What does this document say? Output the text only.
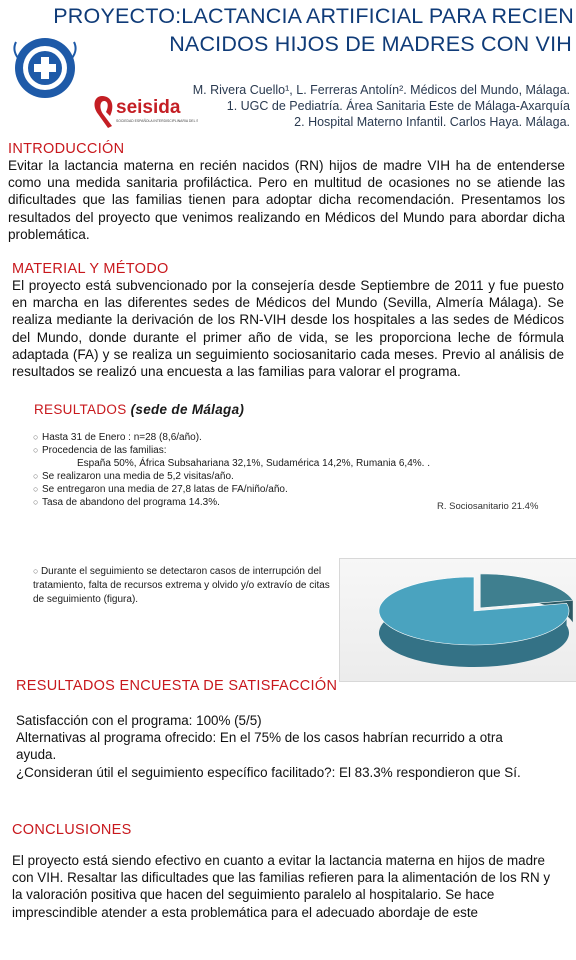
PROYECTO:LACTANCIA ARTIFICIAL PARA RECIEN
NACIDOS HIJOS DE MADRES CON VIH
seisida
SOCIEDAD ESPAÑOLA INTERDISCIPLINARIA DEL SIDA
M. Rivera Cuello¹, L. Ferreras Antolín². Médicos del Mundo, Málaga.
1. UGC de Pediatría. Área Sanitaria Este de Málaga-Axarquía
2. Hospital Materno Infantil. Carlos Haya. Málaga.
INTRODUCCIÓN
Evitar la lactancia materna en recién nacidos (RN) hijos de madre VIH ha de entenderse como una medida sanitaria profiláctica. Pero en multitud de ocasiones no se atiende las dificultades que las familias tienen para adoptar dicha recomendación. Presentamos los resultados del proyecto que venimos realizando en Médicos del Mundo para abordar dicha problemática.
MATERIAL Y MÉTODO
El proyecto está subvencionado por la consejería desde Septiembre de 2011 y fue puesto en marcha en las diferentes sedes de Médicos del Mundo (Sevilla, Almería Málaga). Se realiza mediante la derivación de los RN-VIH desde los hospitales a las sedes de Médicos del Mundo, donde durante el primer año de vida, se les proporciona leche de fórmula adaptada (FA) y se realiza un seguimiento sociosanitario cada meses. Previo al análisis de resultados se realizó una encuesta a las familias para valorar el programa.
RESULTADOS (sede de Málaga)
○ Hasta 31 de Enero : n=28 (8,6/año).
○ Procedencia de las familias:
España 50%, África Subsahariana 32,1%, Sudamérica 14,2%, Rumania 6,4%. .
○ Se realizaron una media de 5,2 visitas/año.
○ Se entregaron una media de 27,8 latas de FA/niño/año.
○ Tasa de abandono del programa 14.3%.	R. Sociosanitario 21.4%
○ Durante el seguimiento se detectaron casos de interrupción del tratamiento, falta de recursos extrema y olvido y/o extravío de citas de seguimiento (figura).
RESULTADOS ENCUESTA DE SATISFACCIÓN
Satisfacción con el programa: 100% (5/5)
Alternativas al programa ofrecido: En el 75% de los casos habrían recurrido a otra ayuda.
¿Consideran útil el seguimiento específico facilitado?: El 83.3% respondieron que Sí.
CONCLUSIONES
El proyecto está siendo efectivo en cuanto a evitar la lactancia materna en hijos de madre con VIH. Resaltar las dificultades que las familias refieren para la alimentación de los RN y la valoración positiva que hacen del seguimiento paralelo al hospitalario. Se hace imprescindible atender a esta problemática para el adecuado abordaje de este
